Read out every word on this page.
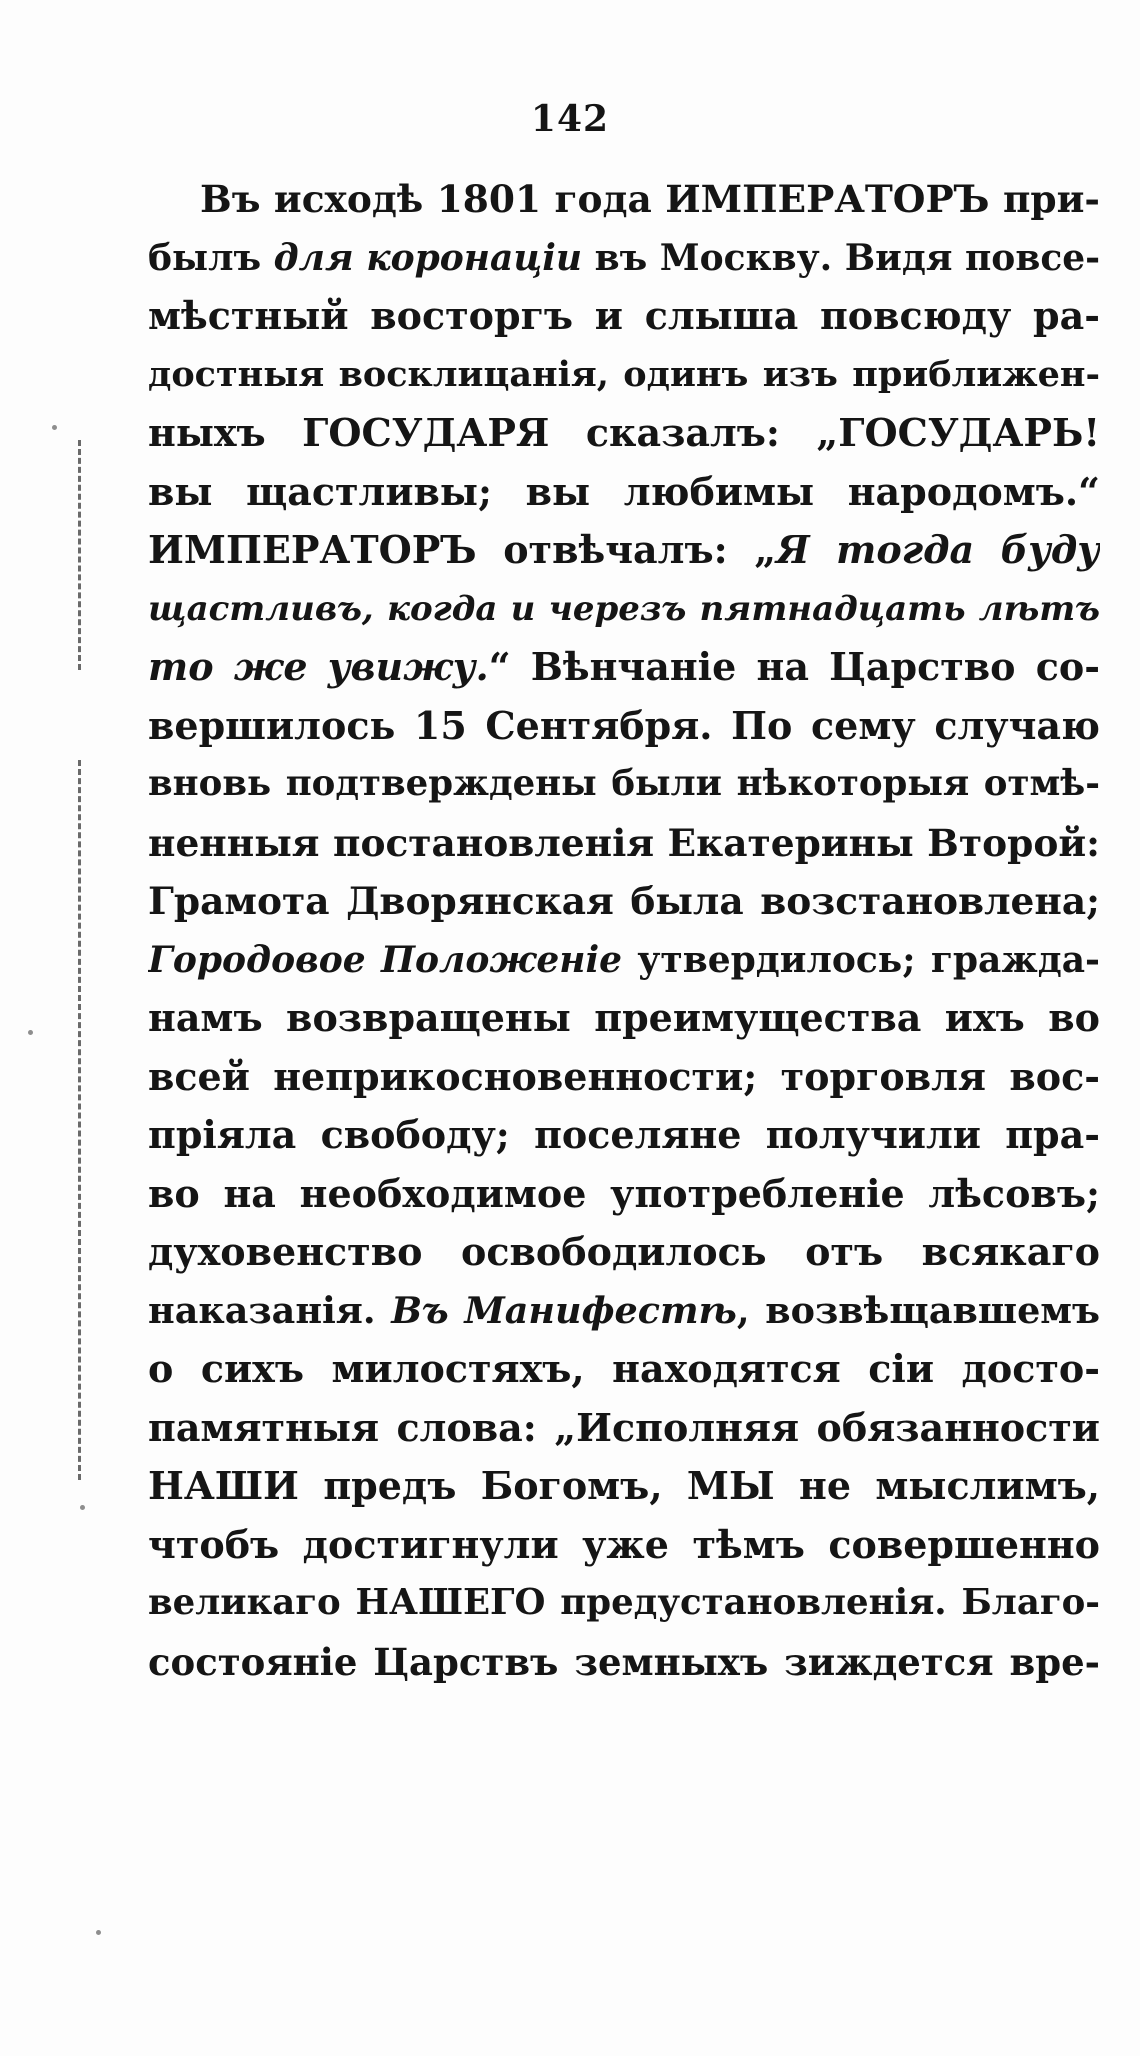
142
Въ исходѣ 1801 года ИМПЕРАТОРЪ при-
былъ для коронаціи въ Москву. Видя повсе-
мѣстный восторгъ и слыша повсюду ра-
достныя восклицанія, одинъ изъ приближен-
ныхъ ГОСУДАРЯ сказалъ: „ГОСУДАРЬ!
вы щастливы; вы любимы народомъ.“
ИМПЕРАТОРЪ отвѣчалъ: „Я тогда буду
щастливъ, когда и черезъ пятнадцать лѣтъ
то же увижу.“ Вѣнчаніе на Царство со-
вершилось 15 Сентября. По сему случаю
вновь подтверждены были нѣкоторыя отмѣ-
ненныя постановленія Екатерины Второй:
Грамота Дворянская была возстановлена;
Городовое Положеніе утвердилось; гражда-
намъ возвращены преимущества ихъ во
всей неприкосновенности; торговля вос-
пріяла свободу; поселяне получили пра-
во на необходимое употребленіе лѣсовъ;
духовенство освободилось отъ всякаго
наказанія. Въ Манифестѣ, возвѣщавшемъ
о сихъ милостяхъ, находятся сіи достo-
памятныя слова: „Исполняя обязанности
НАШИ предъ Богомъ, МЫ не мыслимъ,
чтобъ достигнули уже тѣмъ совершенно
великаго НАШЕГО предустановленія. Благо-
состояніе Царствъ земныхъ зиждется вре-
